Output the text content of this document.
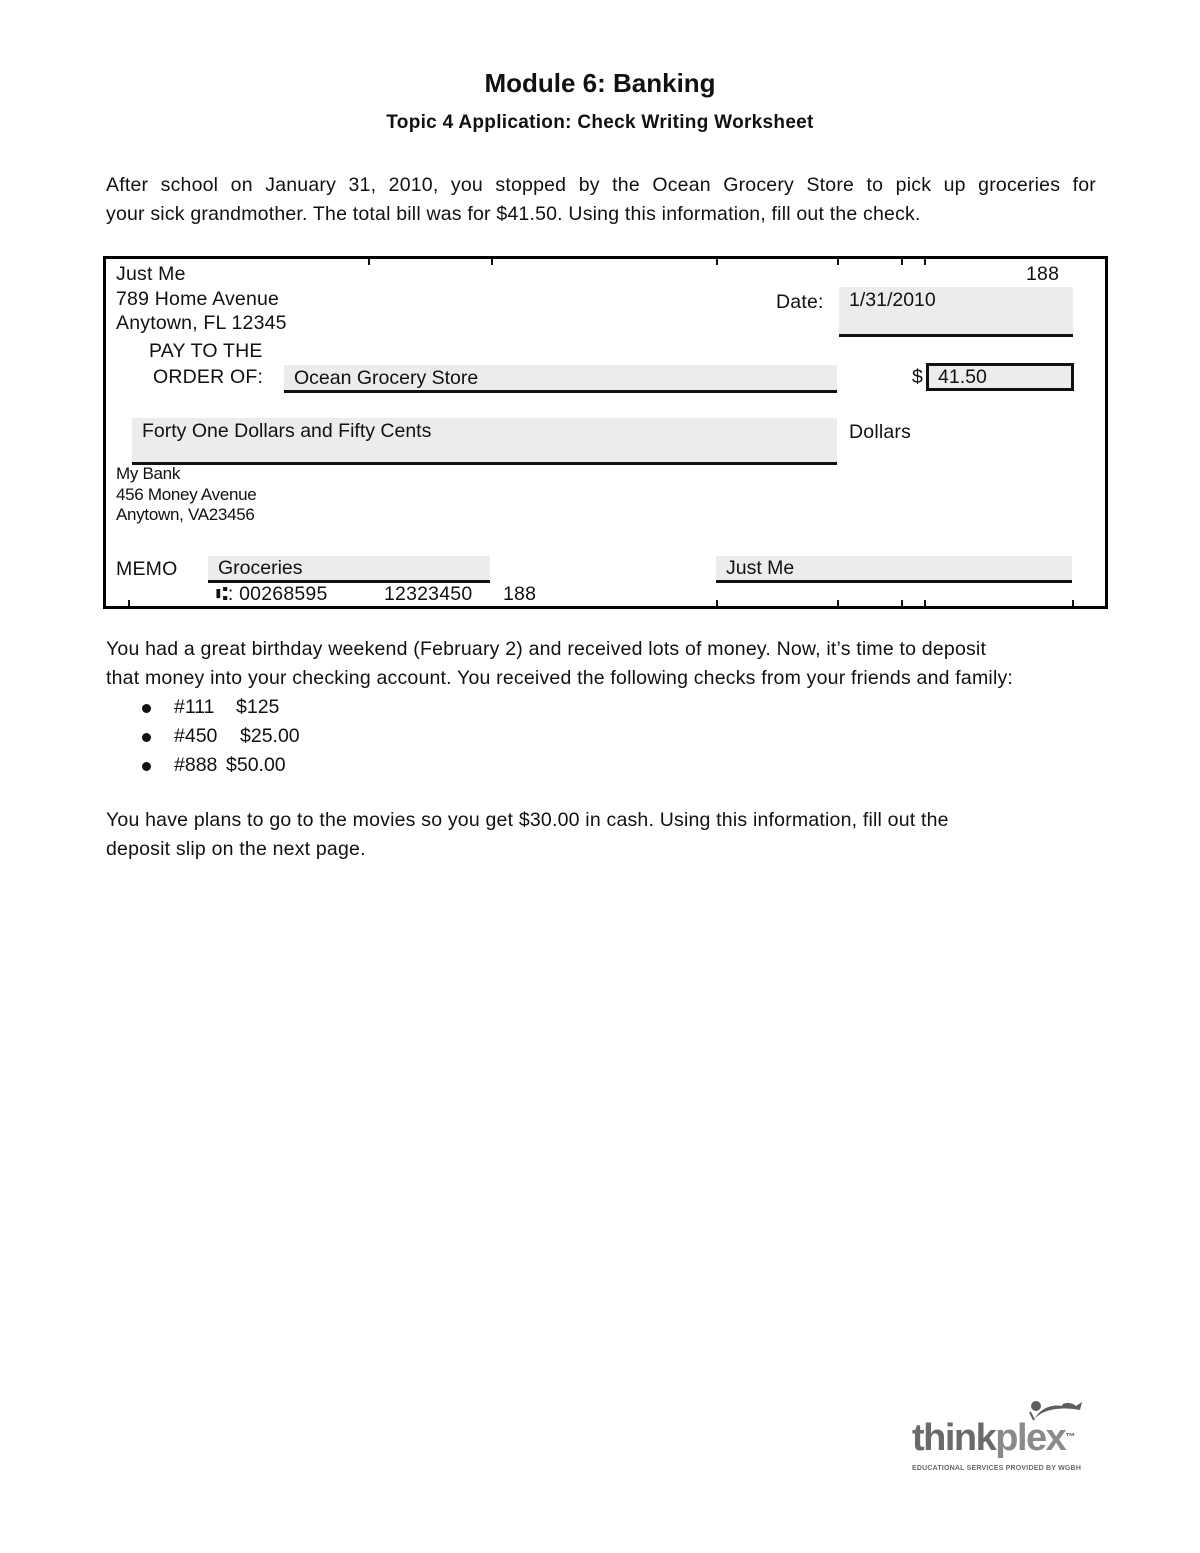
Module 6: Banking
Topic 4 Application: Check Writing Worksheet
After school on January 31, 2010, you stopped by the Ocean Grocery Store to pick up groceries for
your sick grandmother. The total bill was for $41.50. Using this information, fill out the check.
Just Me
789 Home Avenue
Anytown, FL 12345
188
Date: 1/31/2010
PAY TO THE
ORDER OF: Ocean Grocery Store	$ 41.50
Forty One Dollars and Fifty Cents	Dollars
My Bank
456 Money Avenue
Anytown, VA23456
MEMO Groceries	Just Me
⑆: 00268595	12323450 188
You had a great birthday weekend (February 2) and received lots of money. Now, it’s time to deposit
that money into your checking account. You received the following checks from your friends and family:
#111 $125
#450 $25.00
#888 $50.00
You have plans to go to the movies so you get $30.00 in cash. Using this information, fill out the
deposit slip on the next page.
thinkplex™
EDUCATIONAL SERVICES PROVIDED BY WGBH
